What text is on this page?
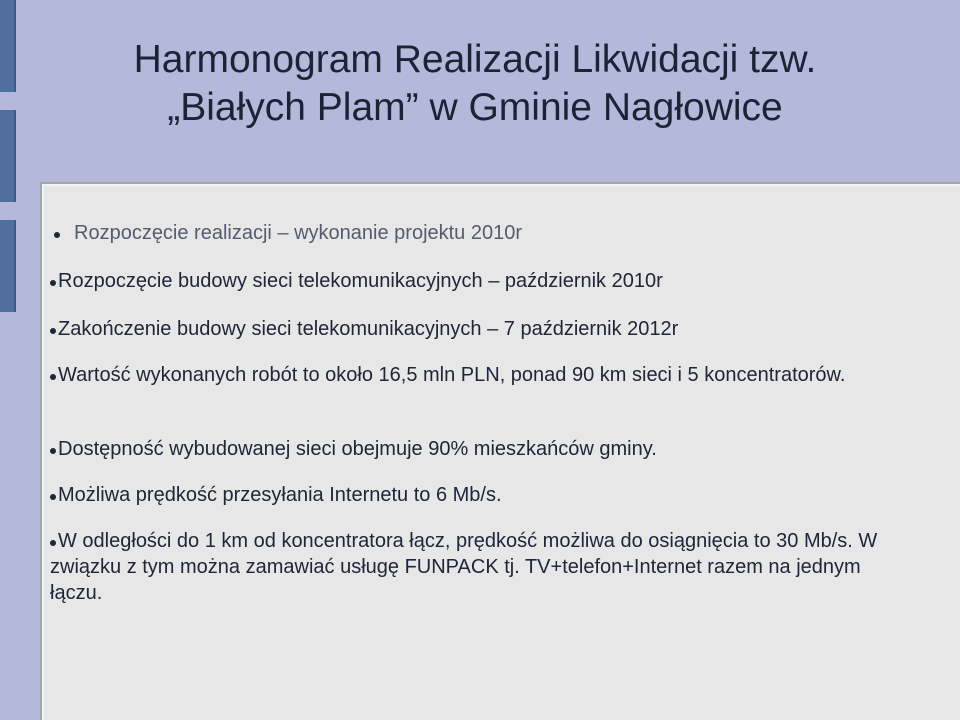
Harmonogram Realizacji Likwidacji tzw.
„Białych Plam” w Gminie Nagłowice
Rozpoczęcie realizacji – wykonanie projektu 2010r
Rozpoczęcie budowy sieci telekomunikacyjnych – październik 2010r
Zakończenie budowy sieci telekomunikacyjnych – 7 październik 2012r
Wartość wykonanych robót to około 16,5 mln PLN, ponad 90 km sieci i 5 koncentratorów.
Dostępność wybudowanej sieci obejmuje 90% mieszkańców gminy.
Możliwa prędkość przesyłania Internetu to 6 Mb/s.
W odległości do 1 km od koncentratora łącz, prędkość możliwa do osiągnięcia to 30 Mb/s. W związku z tym można zamawiać usługę FUNPACK tj. TV+telefon+Internet razem na jednym łączu.
